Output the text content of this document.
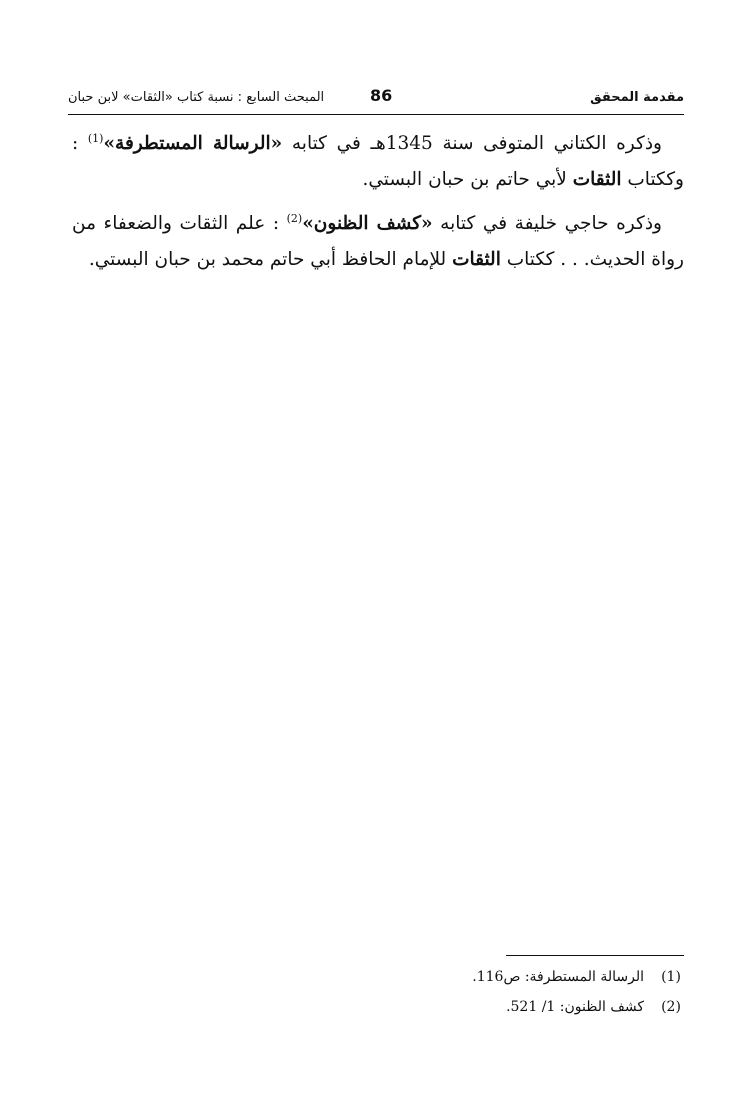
مقدمة المحقق
86
المبحث السابع : نسبة كتاب «الثقات» لابن حبان

وذكره الكتاني المتوفى سنة 1345هـ في كتابه «الرسالة المستطرفة»$^{(1)}$ : وككتاب الثقات لأبي حاتم بن حبان البستي.

وذكره حاجي خليفة في كتابه «كشف الظنون»$^{(2)}$ : علم الثقات والضعفاء من رواة الحديث. . . ككتاب الثقات للإمام الحافظ أبي حاتم محمد بن حبان البستي.

(1)
الرسالة المستطرفة: ص116.
(2)
كشف الظنون: 1/ 521.
